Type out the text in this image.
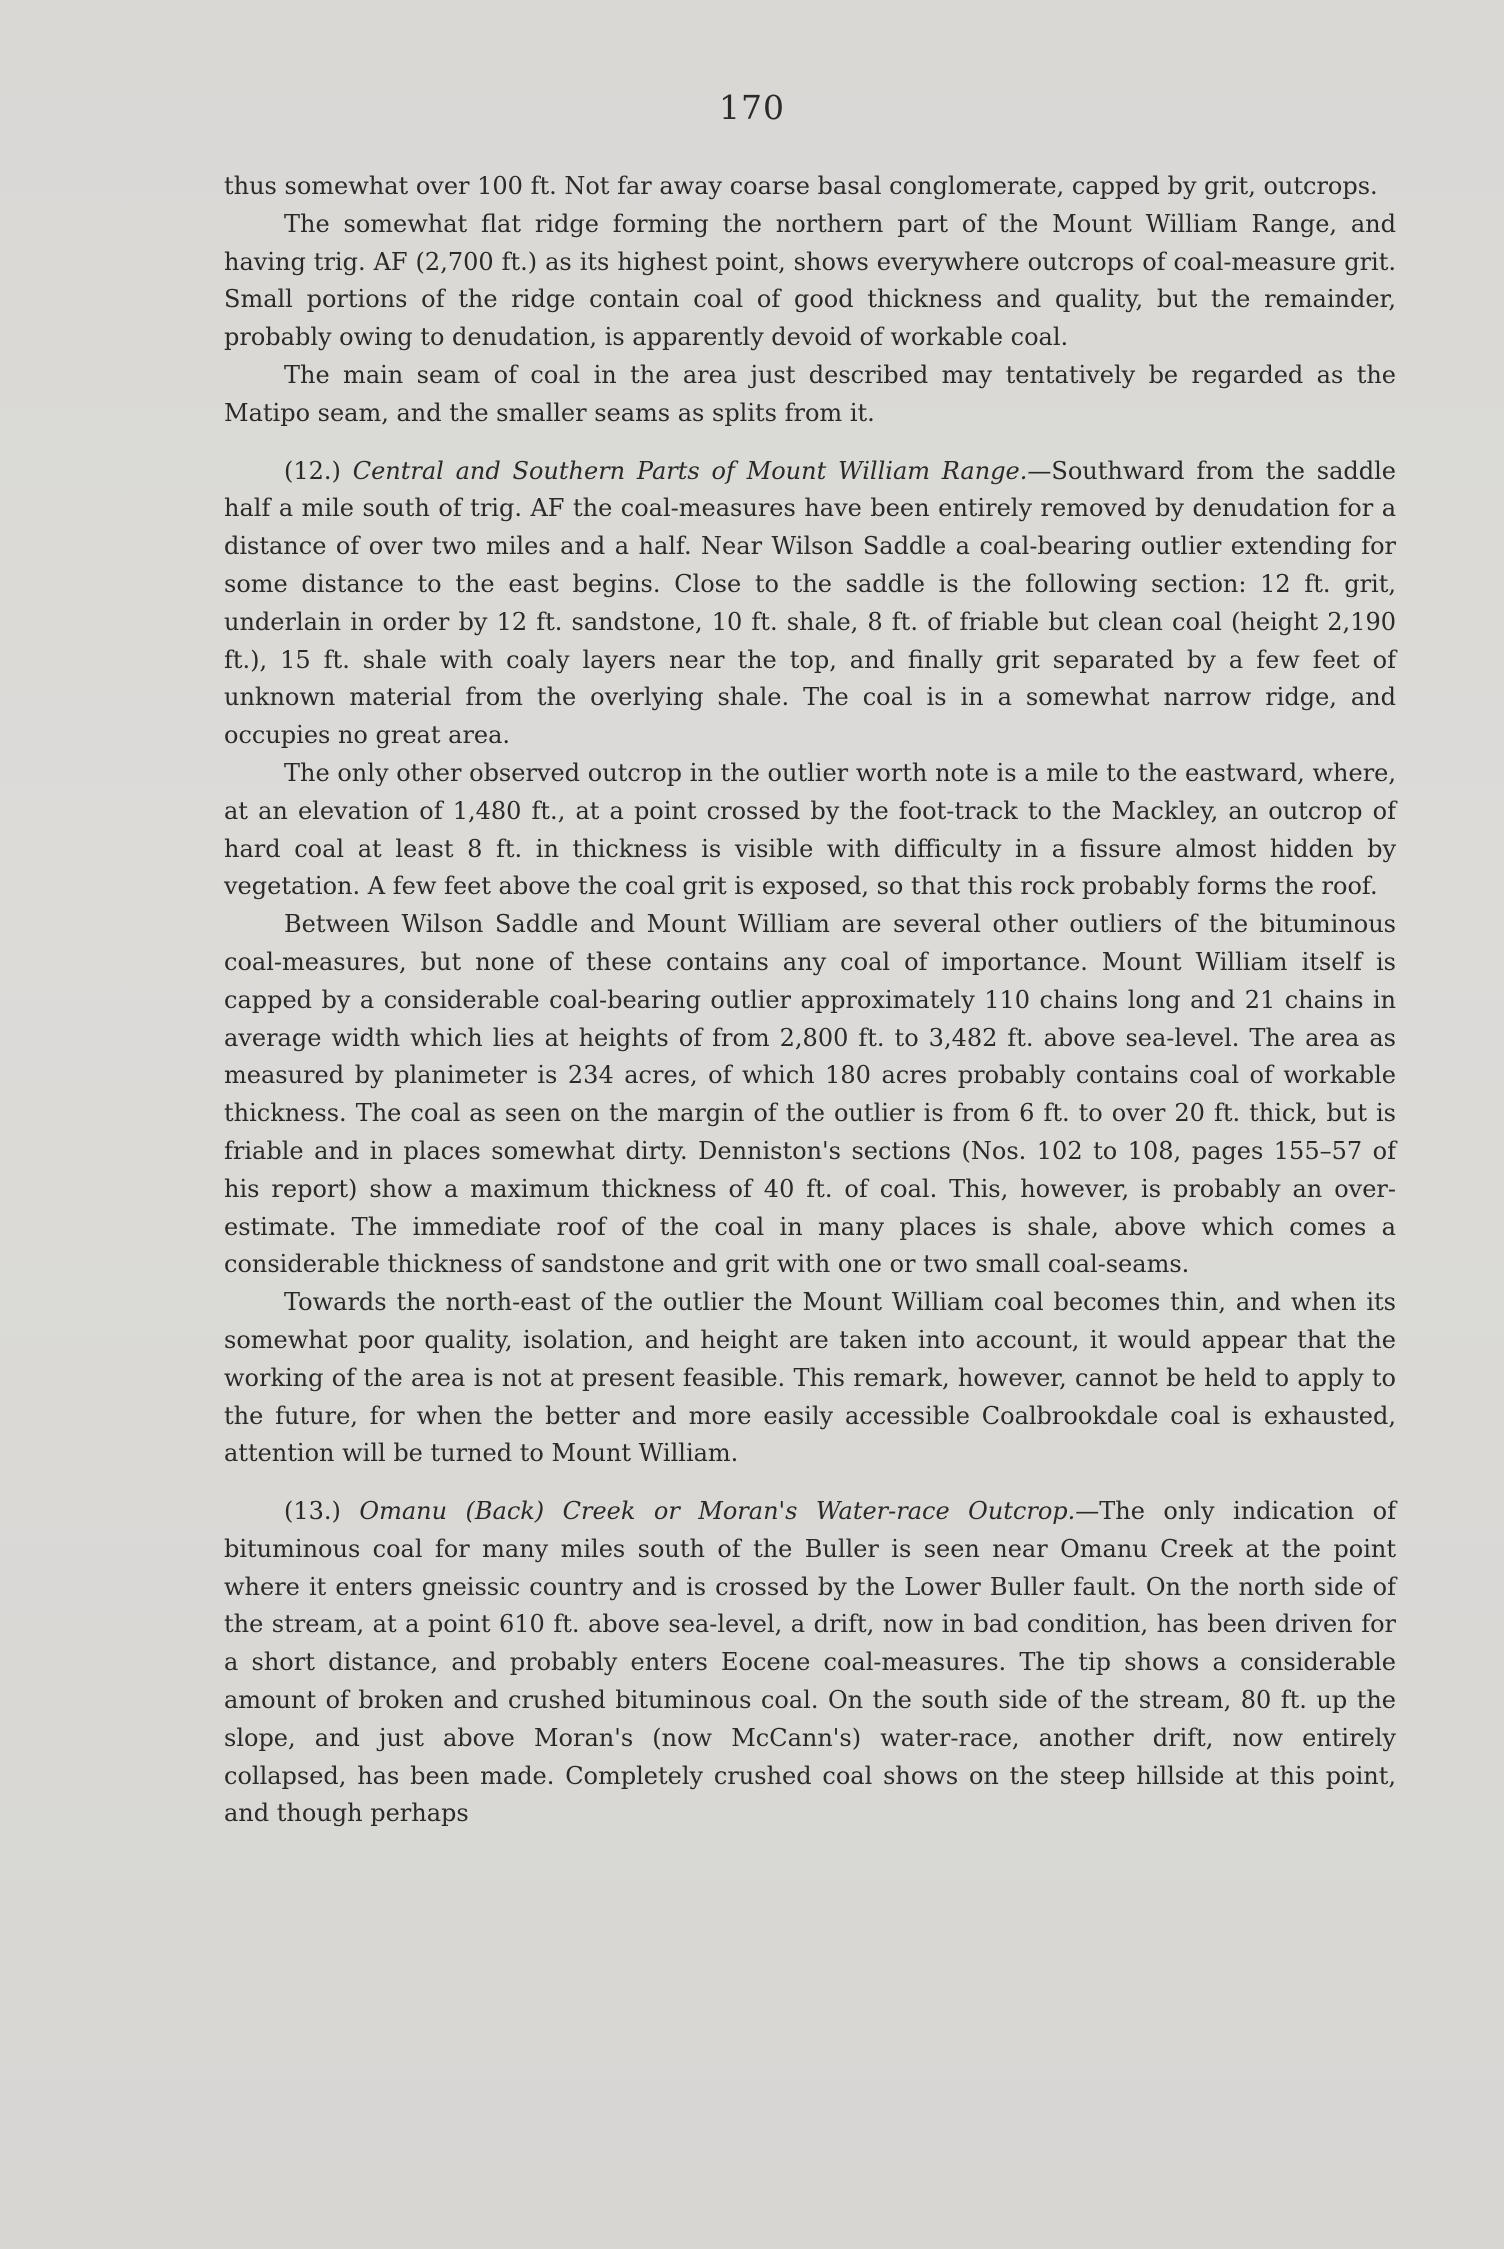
170

thus somewhat over 100 ft. Not far away coarse basal conglomerate, capped by grit, outcrops.

The somewhat flat ridge forming the northern part of the Mount William Range, and having trig. AF (2,700 ft.) as its highest point, shows everywhere outcrops of coal-measure grit. Small portions of the ridge contain coal of good thickness and quality, but the remainder, probably owing to denudation, is apparently devoid of workable coal.

The main seam of coal in the area just described may tentatively be regarded as the Matipo seam, and the smaller seams as splits from it.

(12.) Central and Southern Parts of Mount William Range.—Southward from the saddle half a mile south of trig. AF the coal-measures have been entirely removed by denudation for a distance of over two miles and a half. Near Wilson Saddle a coal-bearing outlier extending for some distance to the east begins. Close to the saddle is the following section: 12 ft. grit, underlain in order by 12 ft. sandstone, 10 ft. shale, 8 ft. of friable but clean coal (height 2,190 ft.), 15 ft. shale with coaly layers near the top, and finally grit separated by a few feet of unknown material from the overlying shale. The coal is in a somewhat narrow ridge, and occupies no great area.

The only other observed outcrop in the outlier worth note is a mile to the eastward, where, at an elevation of 1,480 ft., at a point crossed by the foot-track to the Mackley, an outcrop of hard coal at least 8 ft. in thickness is visible with difficulty in a fissure almost hidden by vegetation. A few feet above the coal grit is exposed, so that this rock probably forms the roof.

Between Wilson Saddle and Mount William are several other outliers of the bituminous coal-measures, but none of these contains any coal of importance. Mount William itself is capped by a considerable coal-bearing outlier approximately 110 chains long and 21 chains in average width which lies at heights of from 2,800 ft. to 3,482 ft. above sea-level. The area as measured by planimeter is 234 acres, of which 180 acres probably contains coal of workable thickness. The coal as seen on the margin of the outlier is from 6 ft. to over 20 ft. thick, but is friable and in places somewhat dirty. Denniston's sections (Nos. 102 to 108, pages 155–57 of his report) show a maximum thickness of 40 ft. of coal. This, however, is probably an over-estimate. The immediate roof of the coal in many places is shale, above which comes a considerable thickness of sandstone and grit with one or two small coal-seams.

Towards the north-east of the outlier the Mount William coal becomes thin, and when its somewhat poor quality, isolation, and height are taken into account, it would appear that the working of the area is not at present feasible. This remark, however, cannot be held to apply to the future, for when the better and more easily accessible Coalbrookdale coal is exhausted, attention will be turned to Mount William.

(13.) Omanu (Back) Creek or Moran's Water-race Outcrop.—The only indication of bituminous coal for many miles south of the Buller is seen near Omanu Creek at the point where it enters gneissic country and is crossed by the Lower Buller fault. On the north side of the stream, at a point 610 ft. above sea-level, a drift, now in bad condition, has been driven for a short distance, and probably enters Eocene coal-measures. The tip shows a considerable amount of broken and crushed bituminous coal. On the south side of the stream, 80 ft. up the slope, and just above Moran's (now McCann's) water-race, another drift, now entirely collapsed, has been made. Completely crushed coal shows on the steep hillside at this point, and though perhaps
